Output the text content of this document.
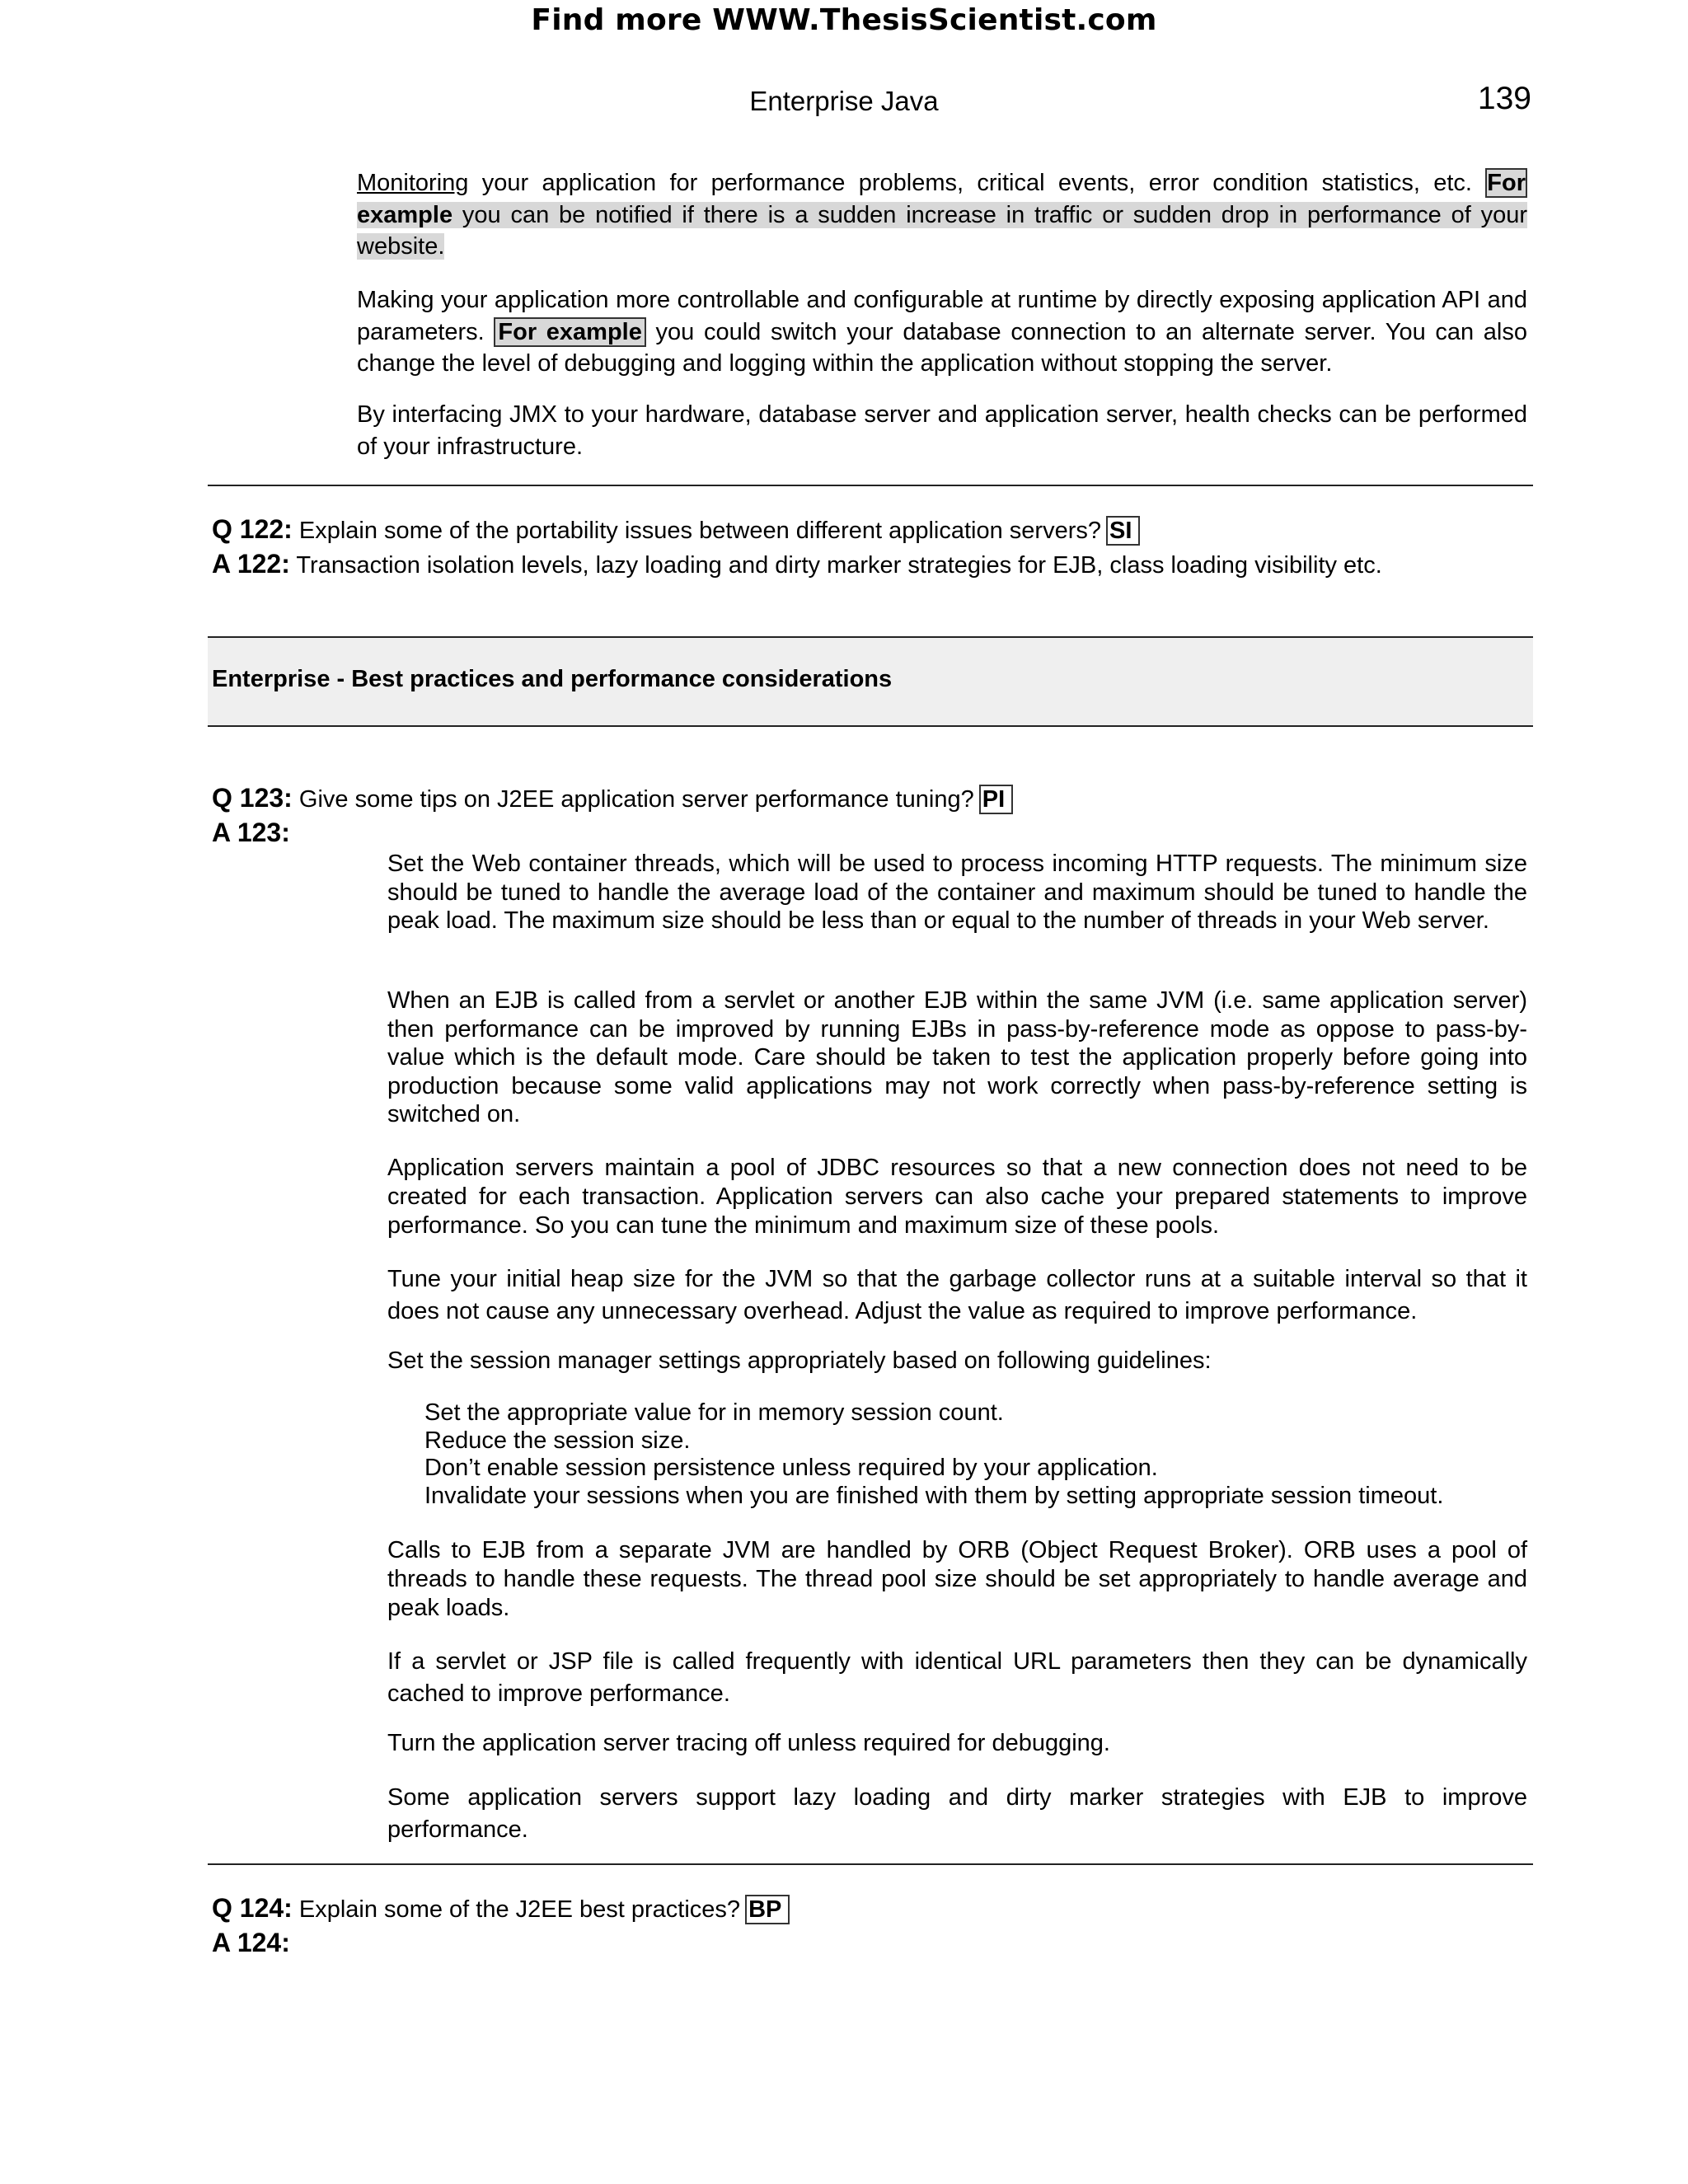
Find more WWW.ThesisScientist.com
Enterprise Java	139

Monitoring your application for performance problems, critical events, error condition statistics, etc. For example you can be notified if there is a sudden increase in traffic or sudden drop in performance of your website.

Making your application more controllable and configurable at runtime by directly exposing application API and parameters. For example you could switch your database connection to an alternate server. You can also change the level of debugging and logging within the application without stopping the server.

By interfacing JMX to your hardware, database server and application server, health checks can be performed of your infrastructure.

Q 122: Explain some of the portability issues between different application servers? SI
A 122: Transaction isolation levels, lazy loading and dirty marker strategies for EJB, class loading visibility etc.
Enterprise - Best practices and performance considerations
Q 123: Give some tips on J2EE application server performance tuning? PI
A 123:

Set the Web container threads, which will be used to process incoming HTTP requests. The minimum size should be tuned to handle the average load of the container and maximum should be tuned to handle the peak load. The maximum size should be less than or equal to the number of threads in your Web server.

When an EJB is called from a servlet or another EJB within the same JVM (i.e. same application server) then performance can be improved by running EJBs in pass-by-reference mode as oppose to pass-by-value which is the default mode. Care should be taken to test the application properly before going into production because some valid applications may not work correctly when pass-by-reference setting is switched on.

Application servers maintain a pool of JDBC resources so that a new connection does not need to be created for each transaction. Application servers can also cache your prepared statements to improve performance. So you can tune the minimum and maximum size of these pools.

Tune your initial heap size for the JVM so that the garbage collector runs at a suitable interval so that it does not cause any unnecessary overhead. Adjust the value as required to improve performance.

Set the session manager settings appropriately based on following guidelines:

Set the appropriate value for in memory session count.
Reduce the session size.
Don’t enable session persistence unless required by your application.
Invalidate your sessions when you are finished with them by setting appropriate session timeout.

Calls to EJB from a separate JVM are handled by ORB (Object Request Broker). ORB uses a pool of threads to handle these requests. The thread pool size should be set appropriately to handle average and peak loads.

If a servlet or JSP file is called frequently with identical URL parameters then they can be dynamically cached to improve performance.

Turn the application server tracing off unless required for debugging.

Some application servers support lazy loading and dirty marker strategies with EJB to improve performance.

Q 124: Explain some of the J2EE best practices? BP
A 124:
